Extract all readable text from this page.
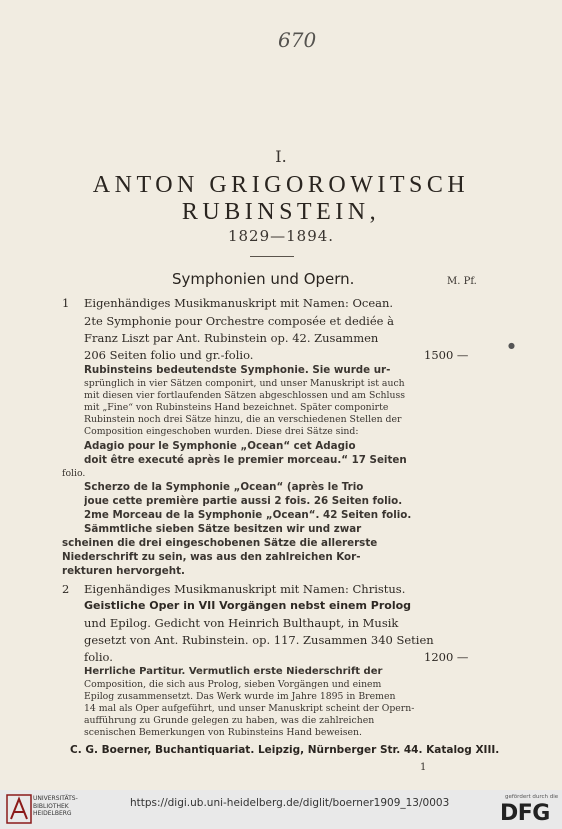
670
I.
ANTON GRIGOROWITSCH
RUBINSTEIN,
1829—1894.
Symphonien und Opern.	M. Pf.
1 Eigenhändiges Musikmanuskript mit Namen: Ocean.
2te Symphonie pour Orchestre composée et dediée à
Franz Liszt par Ant. Rubinstein op. 42. Zusammen
206 Seiten folio und gr.-folio.	1500 —
●
Rubinsteins bedeutendste Symphonie. Sie wurde ur-
sprünglich in vier Sätzen componirt, und unser Manuskript ist auch
mit diesen vier fortlaufenden Sätzen abgeschlossen und am Schluss
mit „Fine“ von Rubinsteins Hand bezeichnet. Später componirte
Rubinstein noch drei Sätze hinzu, die an verschiedenen Stellen der
Composition eingeschoben wurden. Diese drei Sätze sind:
Adagio pour le Symphonie „Ocean“ cet Adagio
doit être executé après le premier morceau.“ 17 Seiten
folio.
Scherzo de la Symphonie „Ocean“ (après le Trio
joue cette première partie aussi 2 fois. 26 Seiten folio.
2me Morceau de la Symphonie „Ocean“. 42 Seiten folio.
Sämmtliche sieben Sätze besitzen wir und zwar
scheinen die drei eingeschobenen Sätze die allererste
Niederschrift zu sein, was aus den zahlreichen Kor-
rekturen hervorgeht.
2 Eigenhändiges Musikmanuskript mit Namen: Christus.
Geistliche Oper in VII Vorgängen nebst einem Prolog
und Epilog. Gedicht von Heinrich Bulthaupt, in Musik
gesetzt von Ant. Rubinstein. op. 117. Zusammen 340 Setien
folio.	1200 —
Herrliche Partitur. Vermutlich erste Niederschrift der
C. G. Boerner, Buchantiquariat. Leipzig, Nürnberger Str. 44. Katalog XIII.
1
Composition, die sich aus Prolog, sieben Vorgängen und einem
Epilog zusammensetzt. Das Werk wurde im Jahre 1895 in Bremen
14 mal als Oper aufgeführt, und unser Manuskript scheint der Opern-
aufführung zu Grunde gelegen zu haben, was die zahlreichen
scenischen Bemerkungen von Rubinsteins Hand beweisen.
UNIVERSITÄTS-
BIBLIOTHEK
HEIDELBERG
https://digi.ub.uni-heidelberg.de/diglit/boerner1909_13/0003	gefördert durch die
DFG
